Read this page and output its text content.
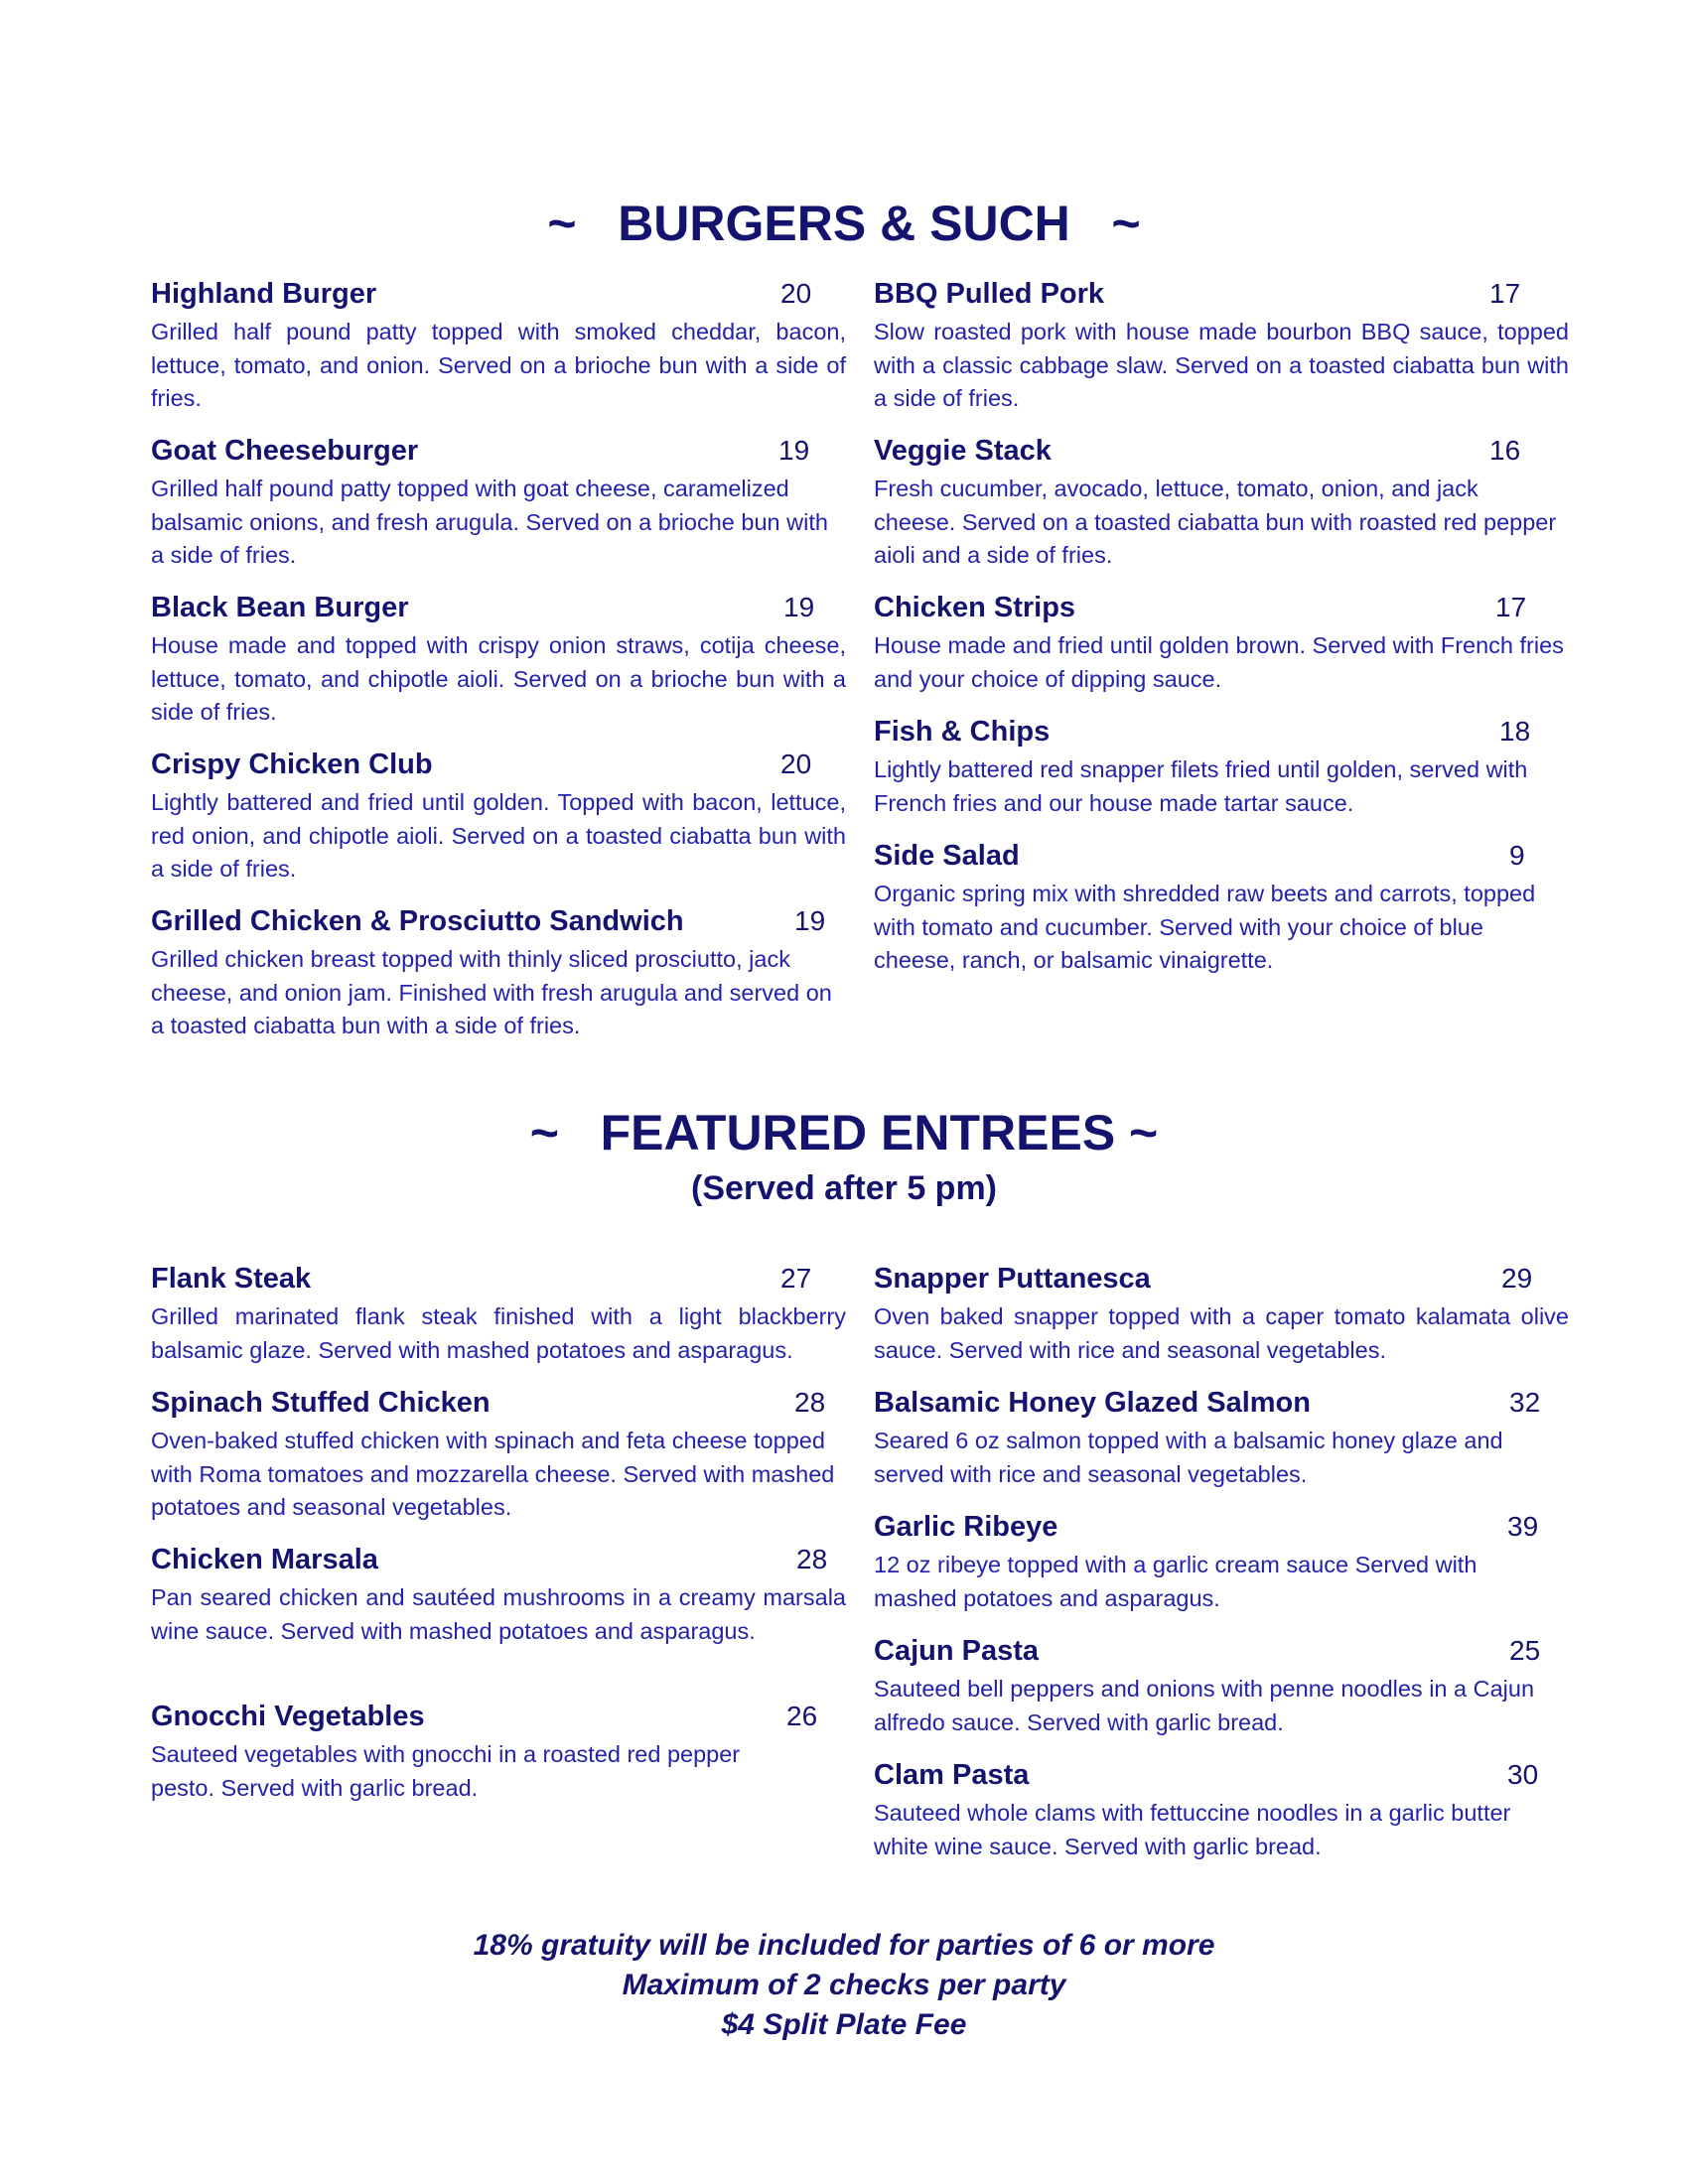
~   BURGERS & SUCH   ~
Highland Burger	20
Grilled half pound patty topped with smoked cheddar, bacon, lettuce, tomato, and onion. Served on a brioche bun with a side of fries.
Goat Cheeseburger	19
Grilled half pound patty topped with goat cheese, caramelized balsamic onions, and fresh arugula. Served on a brioche bun with a side of fries.
Black Bean Burger	19
House made and topped with crispy onion straws, cotija cheese, lettuce, tomato, and chipotle aioli. Served on a brioche bun with a side of fries.
Crispy Chicken Club	20
Lightly battered and fried until golden. Topped with bacon, lettuce, red onion, and chipotle aioli. Served on a toasted ciabatta bun with a side of fries.
Grilled Chicken & Prosciutto Sandwich	19
Grilled chicken breast topped with thinly sliced prosciutto, jack cheese, and onion jam. Finished with fresh arugula and served on a toasted ciabatta bun with a side of fries.
BBQ Pulled Pork	17
Slow roasted pork with house made bourbon BBQ sauce, topped with a classic cabbage slaw. Served on a toasted ciabatta bun with a side of fries.
Veggie Stack	16
Fresh cucumber, avocado, lettuce, tomato, onion, and jack cheese. Served on a toasted ciabatta bun with roasted red pepper aioli and a side of fries.
Chicken Strips	17
House made and fried until golden brown. Served with French fries and your choice of dipping sauce.
Fish & Chips	18
Lightly battered red snapper filets fried until golden, served with French fries and our house made tartar sauce.
Side Salad	9
Organic spring mix with shredded raw beets and carrots, topped with tomato and cucumber. Served with your choice of blue cheese, ranch, or balsamic vinaigrette.
~   FEATURED ENTREES ~
(Served after 5 pm)
Flank Steak	27
Grilled marinated flank steak finished with a light blackberry balsamic glaze. Served with mashed potatoes and asparagus.
Spinach Stuffed Chicken	28
Oven-baked stuffed chicken with spinach and feta cheese topped with Roma tomatoes and mozzarella cheese. Served with mashed potatoes and seasonal vegetables.
Chicken Marsala	28
Pan seared chicken and sautéed mushrooms in a creamy marsala wine sauce. Served with mashed potatoes and asparagus.
Gnocchi Vegetables	26
Sauteed vegetables with gnocchi in a roasted red pepper pesto. Served with garlic bread.
Snapper Puttanesca	29
Oven baked snapper topped with a caper tomato kalamata olive sauce. Served with rice and seasonal vegetables.
Balsamic Honey Glazed Salmon	32
Seared 6 oz salmon topped with a balsamic honey glaze and served with rice and seasonal vegetables.
Garlic Ribeye	39
12 oz ribeye topped with a garlic cream sauce Served with mashed potatoes and asparagus.
Cajun Pasta	25
Sauteed bell peppers and onions with penne noodles in a Cajun alfredo sauce. Served with garlic bread.
Clam Pasta	30
Sauteed whole clams with fettuccine noodles in a garlic butter white wine sauce. Served with garlic bread.
18% gratuity will be included for parties of 6 or more
Maximum of 2 checks per party
$4 Split Plate Fee
